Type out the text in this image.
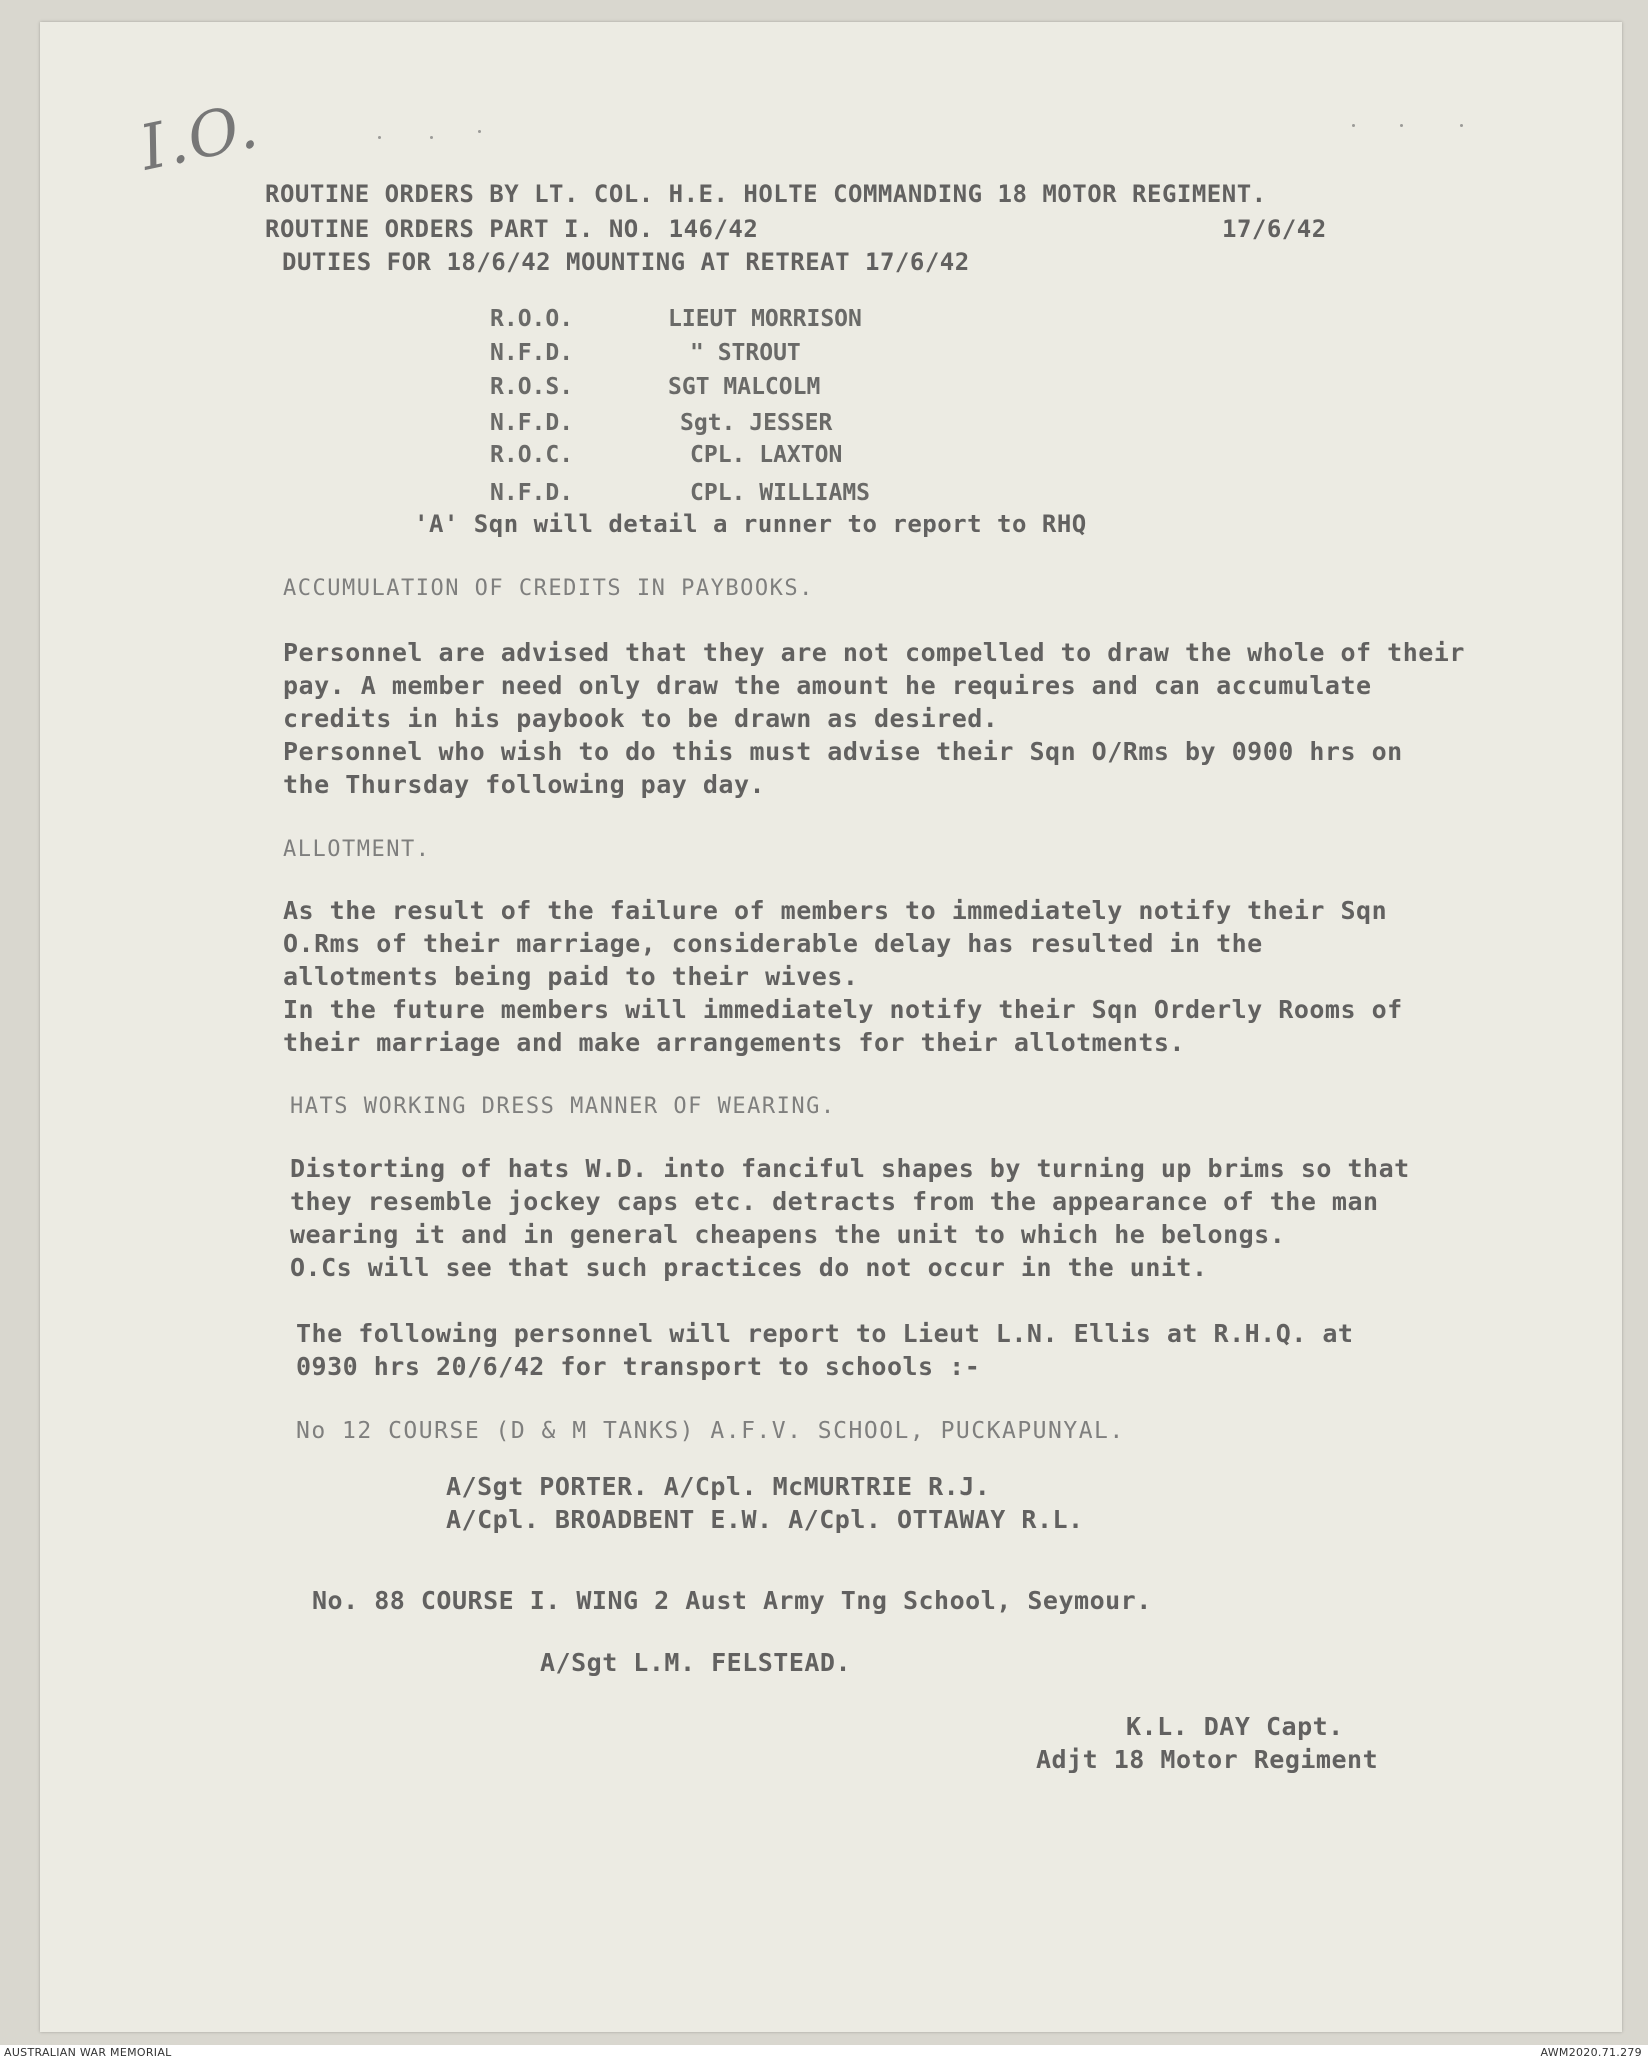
I.O.
ROUTINE ORDERS BY LT. COL. H.E. HOLTE COMMANDING 18 MOTOR REGIMENT.
ROUTINE ORDERS PART I. NO. 146/42	17/6/42
DUTIES FOR 18/6/42 MOUNTING AT RETREAT 17/6/42
R.O.O.	LIEUT MORRISON
N.F.D.	" STROUT
R.O.S.	SGT MALCOLM
N.F.D.	Sgt. JESSER
R.O.C.	CPL. LAXTON
N.F.D.	CPL. WILLIAMS
'A' Sqn will detail a runner to report to RHQ
ACCUMULATION OF CREDITS IN PAYBOOKS.
Personnel are advised that they are not compelled to draw the whole of their
pay. A member need only draw the amount he requires and can accumulate
credits in his paybook to be drawn as desired.
Personnel who wish to do this must advise their Sqn O/Rms by 0900 hrs on
the Thursday following pay day.
ALLOTMENT.
As the result of the failure of members to immediately notify their Sqn
O.Rms of their marriage, considerable delay has resulted in the
allotments being paid to their wives.
In the future members will immediately notify their Sqn Orderly Rooms of
their marriage and make arrangements for their allotments.
HATS WORKING DRESS MANNER OF WEARING.
Distorting of hats W.D. into fanciful shapes by turning up brims so that
they resemble jockey caps etc. detracts from the appearance of the man
wearing it and in general cheapens the unit to which he belongs.
O.Cs will see that such practices do not occur in the unit.
The following personnel will report to Lieut L.N. Ellis at R.H.Q. at
0930 hrs 20/6/42 for transport to schools :-
No 12 COURSE (D & M TANKS) A.F.V. SCHOOL, PUCKAPUNYAL.
A/Sgt PORTER. A/Cpl. McMURTRIE R.J.
A/Cpl. BROADBENT E.W. A/Cpl. OTTAWAY R.L.
No. 88 COURSE I. WING 2 Aust Army Tng School, Seymour.
A/Sgt L.M. FELSTEAD.
K.L. DAY Capt.
Adjt 18 Motor Regiment
AUSTRALIAN WAR MEMORIAL	AWM2020.71.279
